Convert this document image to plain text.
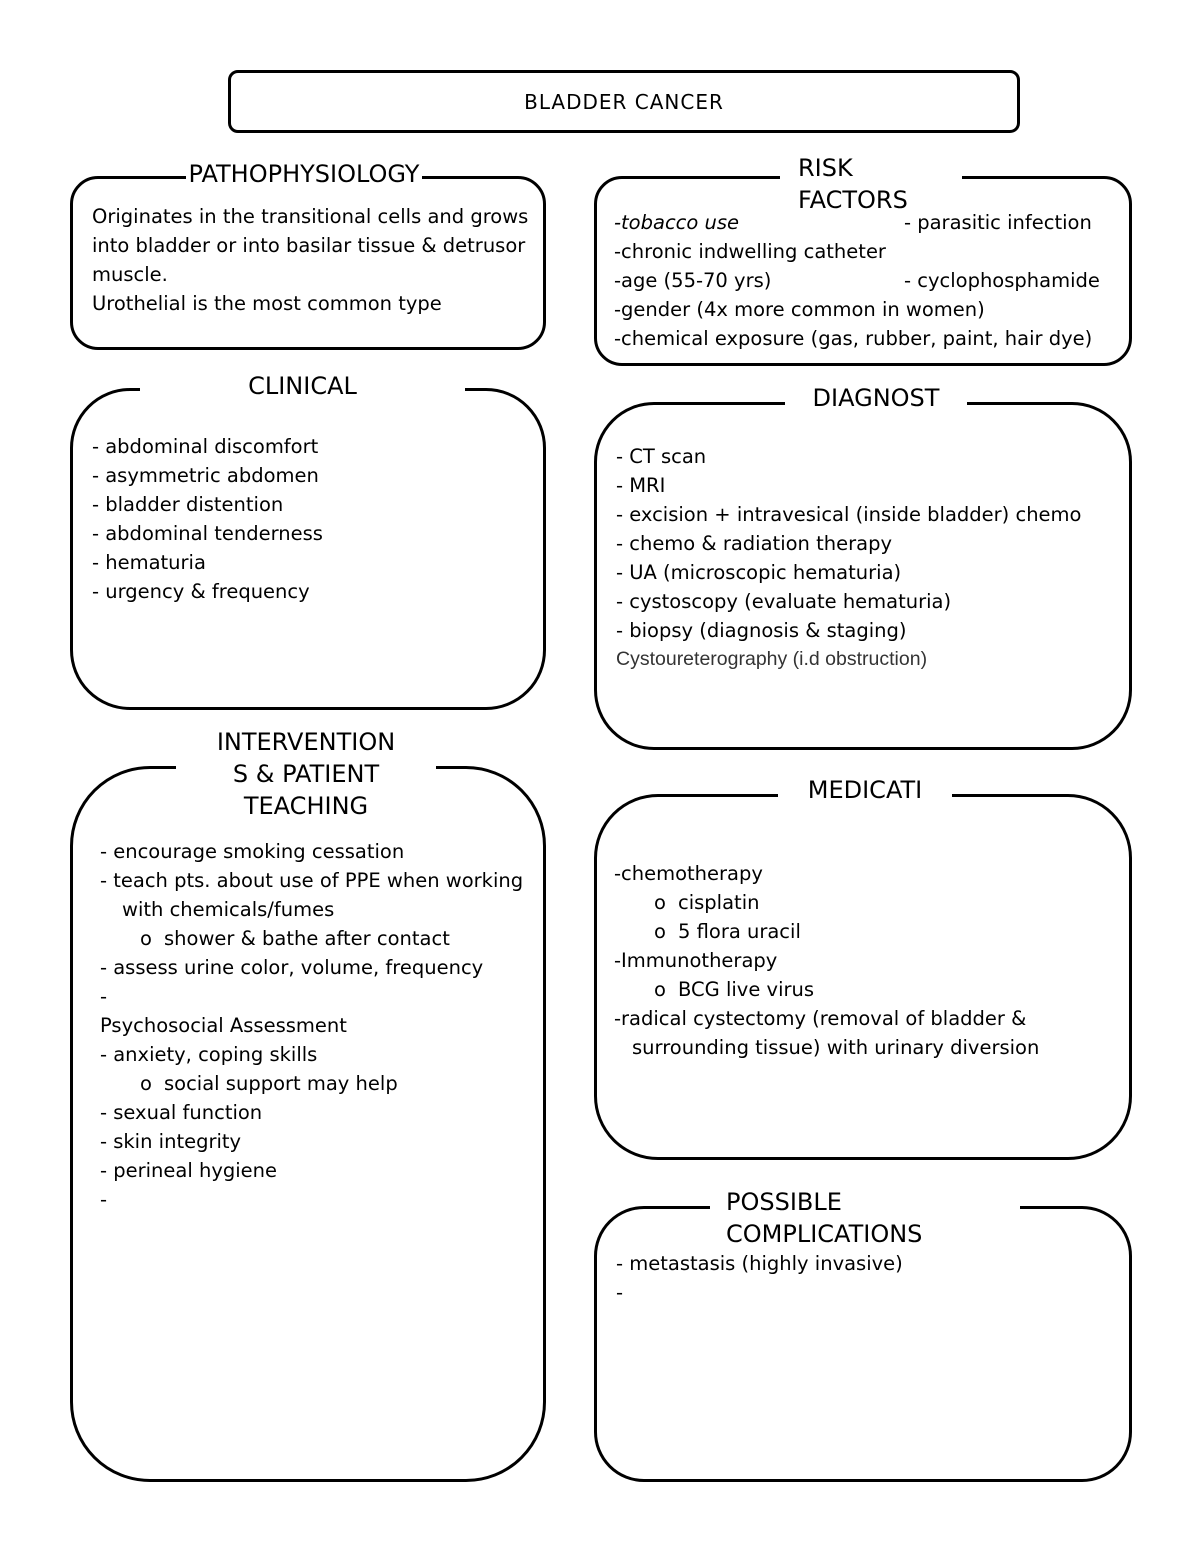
BLADDER CANCER
PATHOPHYSIOLOGY
Originates in the transitional cells and grows
into bladder or into basilar tissue & detrusor
muscle.
Urothelial is the most common type
RISK FACTORS
-tobacco use
-chronic indwelling catheter
-age (55-70 yrs)
-gender (4x more common in women)
-chemical exposure (gas, rubber, paint, hair dye)
- parasitic infection
- cyclophosphamide
CLINICAL
- abdominal discomfort
- asymmetric abdomen
- bladder distention
- abdominal tenderness
- hematuria
- urgency & frequency
DIAGNOST
- CT scan
- MRI
- excision + intravesical (inside bladder) chemo
- chemo & radiation therapy
- UA (microscopic hematuria)
- cystoscopy (evaluate hematuria)
- biopsy (diagnosis & staging)
Cystoureterography (i.d obstruction)
INTERVENTION
S & PATIENT
TEACHING
- encourage smoking cessation
- teach pts. about use of PPE when working
with chemicals/fumes
o shower & bathe after contact
- assess urine color, volume, frequency
-
Psychosocial Assessment
- anxiety, coping skills
o social support may help
- sexual function
- skin integrity
- perineal hygiene
-
MEDICATI
-chemotherapy
o cisplatin
o 5 flora uracil
-Immunotherapy
o BCG live virus
-radical cystectomy (removal of bladder &
surrounding tissue) with urinary diversion
POSSIBLE COMPLICATIONS
- metastasis (highly invasive)
-
